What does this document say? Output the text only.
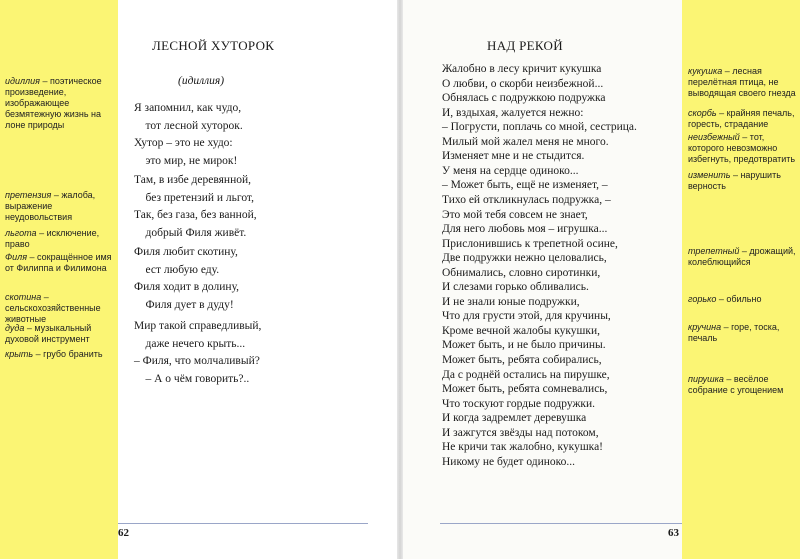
ЛЕСНОЙ ХУТОРОК
(идиллия)
Я запомнил, как чудо,
тот лесной хуторок.
Хутор – это не худо:
это мир, не мирок!
Там, в избе деревянной,
без претензий и льгот,
Так, без газа, без ванной,
добрый Филя живёт.
Филя любит скотину,
ест любую еду.
Филя ходит в долину,
Филя дует в дуду!
Мир такой справедливый,
даже нечего крыть...
– Филя, что молчаливый?
– А о чём говорить?..
идиллия – поэтическое произведение, изображающее безмятежную жизнь на лоне природы
претензия – жалоба, выражение неудовольствия
льгота – исключение, право
Филя – сокращённое имя от Филиппа и Филимона
скотина – сельскохозяйственные животные
дуда – музыкальный духовой инструмент
крыть – грубо бранить
62
НАД РЕКОЙ
Жалобно в лесу кричит кукушка
О любви, о скорби неизбежной...
Обнялась с подружкою подружка
И, вздыхая, жалуется нежно:
– Погрусти, поплачь со мной, сестрица.
Милый мой жалел меня не много.
Изменяет мне и не стыдится.
У меня на сердце одиноко...
– Может быть, ещё не изменяет, –
Тихо ей откликнулась подружка, –
Это мой тебя совсем не знает,
Для него любовь моя – игрушка...
Прислонившись к трепетной осине,
Две подружки нежно целовались,
Обнимались, словно сиротинки,
И слезами горько обливались.
И не знали юные подружки,
Что для грусти этой, для кручины,
Кроме вечной жалобы кукушки,
Может быть, и не было причины.
Может быть, ребята собирались,
Да с роднёй остались на пирушке,
Может быть, ребята сомневались,
Что тоскуют гордые подружки.
И когда задремлет деревушка
И зажгутся звёзды над потоком,
Не кричи так жалобно, кукушка!
Никому не будет одиноко...
кукушка – лесная перелётная птица, не выводящая своего гнезда
скорбь – крайняя печаль, горесть, страдание
неизбежный – тот, которого невозможно избегнуть, предотвратить
изменить – нарушить верность
трепетный – дрожащий, колеблющийся
горько – обильно
кручина – горе, тоска, печаль
пирушка – весёлое собрание с угощением
63
